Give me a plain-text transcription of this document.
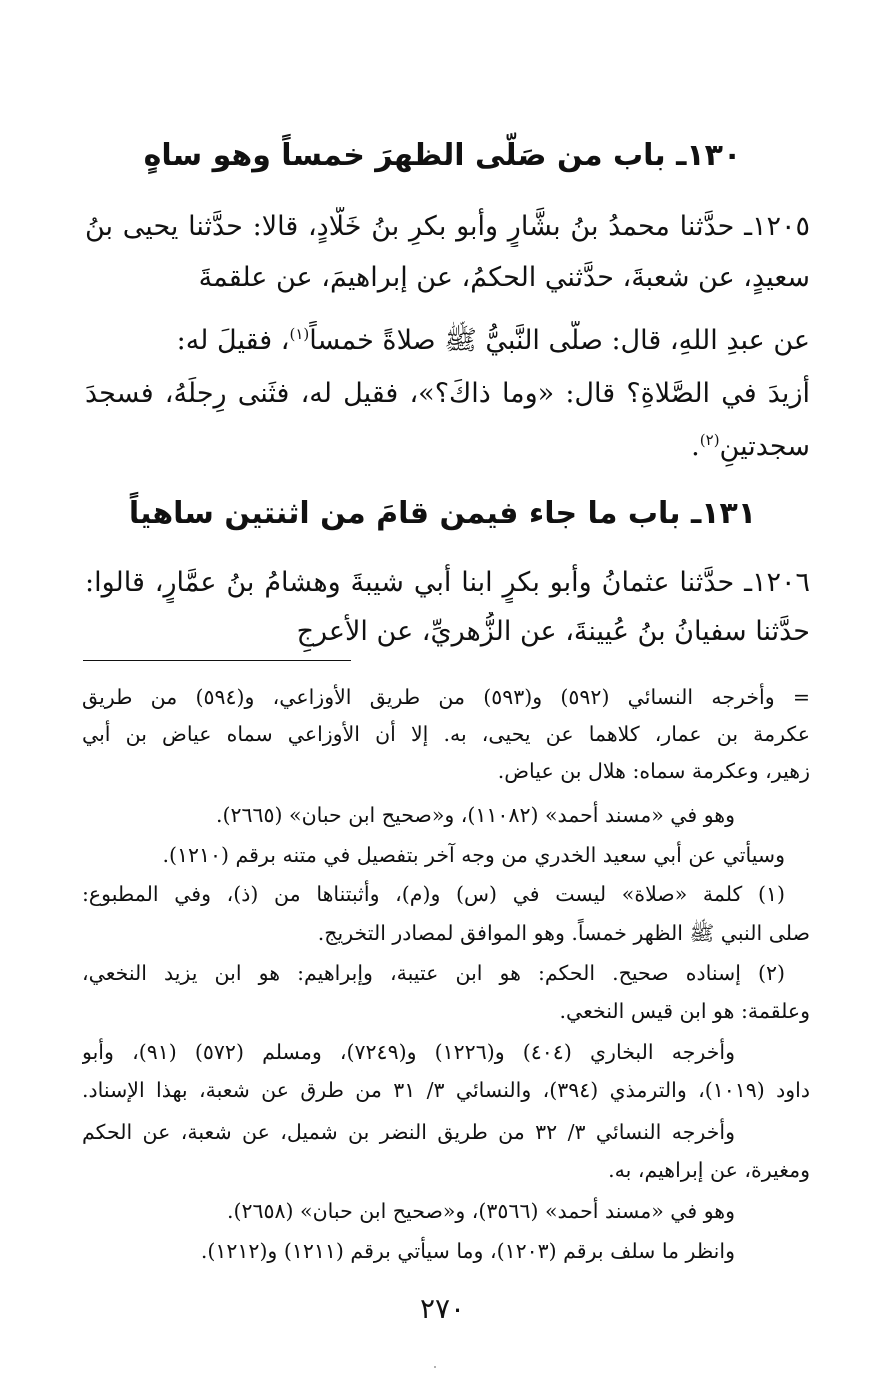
١٣٠ـ باب من صَلّى الظهرَ خمساً وهو ساهٍ
١٢٠٥ـ حدَّثنا محمدُ بنُ بشَّارٍ وأبو بكرِ بنُ خَلَّادٍ، قالا: حدَّثنا يحيى بنُ
سعيدٍ، عن شعبةَ، حدَّثني الحكمُ، عن إبراهيمَ، عن علقمةَ
عن عبدِ اللهِ، قال: صلَّى النَّبيُّ ﷺ صلاةً خمساً$^{(١)}$، فقيلَ له:
أزيدَ في الصَّلاةِ؟ قال: «وما ذاكَ؟»، فقيل له، فثَنى رِجلَهُ، فسجدَ
سجدتينِ$^{(٢)}$.
١٣١ـ باب ما جاء فيمن قامَ من اثنتين ساهياً
١٢٠٦ـ حدَّثنا عثمانُ وأبو بكرٍ ابنا أبي شيبةَ وهشامُ بنُ عمَّارٍ، قالوا:
حدَّثنا سفيانُ بنُ عُيينةَ، عن الزُّهريِّ، عن الأعرجِ
= وأخرجه النسائي (٥٩٢) و(٥٩٣) من طريق الأوزاعي، و(٥٩٤) من طريق
عكرمة بن عمار، كلاهما عن يحيى، به. إلا أن الأوزاعي سماه عياض بن أبي
زهير، وعكرمة سماه: هلال بن عياض.
وهو في «مسند أحمد» (١١٠٨٢)، و«صحيح ابن حبان» (٢٦٦٥).
وسيأتي عن أبي سعيد الخدري من وجه آخر بتفصيل في متنه برقم (١٢١٠).
(١) كلمة «صلاة» ليست في (س) و(م)، وأثبتناها من (ذ)، وفي المطبوع:
صلى النبي ﷺ الظهر خمساً. وهو الموافق لمصادر التخريج.
(٢) إسناده صحيح. الحكم: هو ابن عتيبة، وإبراهيم: هو ابن يزيد النخعي،
وعلقمة: هو ابن قيس النخعي.
وأخرجه البخاري (٤٠٤) و(١٢٢٦) و(٧٢٤٩)، ومسلم (٥٧٢) (٩١)، وأبو
داود (١٠١٩)، والترمذي (٣٩٤)، والنسائي ٣/ ٣١ من طرق عن شعبة، بهذا الإسناد.
وأخرجه النسائي ٣/ ٣٢ من طريق النضر بن شميل، عن شعبة، عن الحكم
ومغيرة، عن إبراهيم، به.
وهو في «مسند أحمد» (٣٥٦٦)، و«صحيح ابن حبان» (٢٦٥٨).
وانظر ما سلف برقم (١٢٠٣)، وما سيأتي برقم (١٢١١) و(١٢١٢).
٢٧٠
